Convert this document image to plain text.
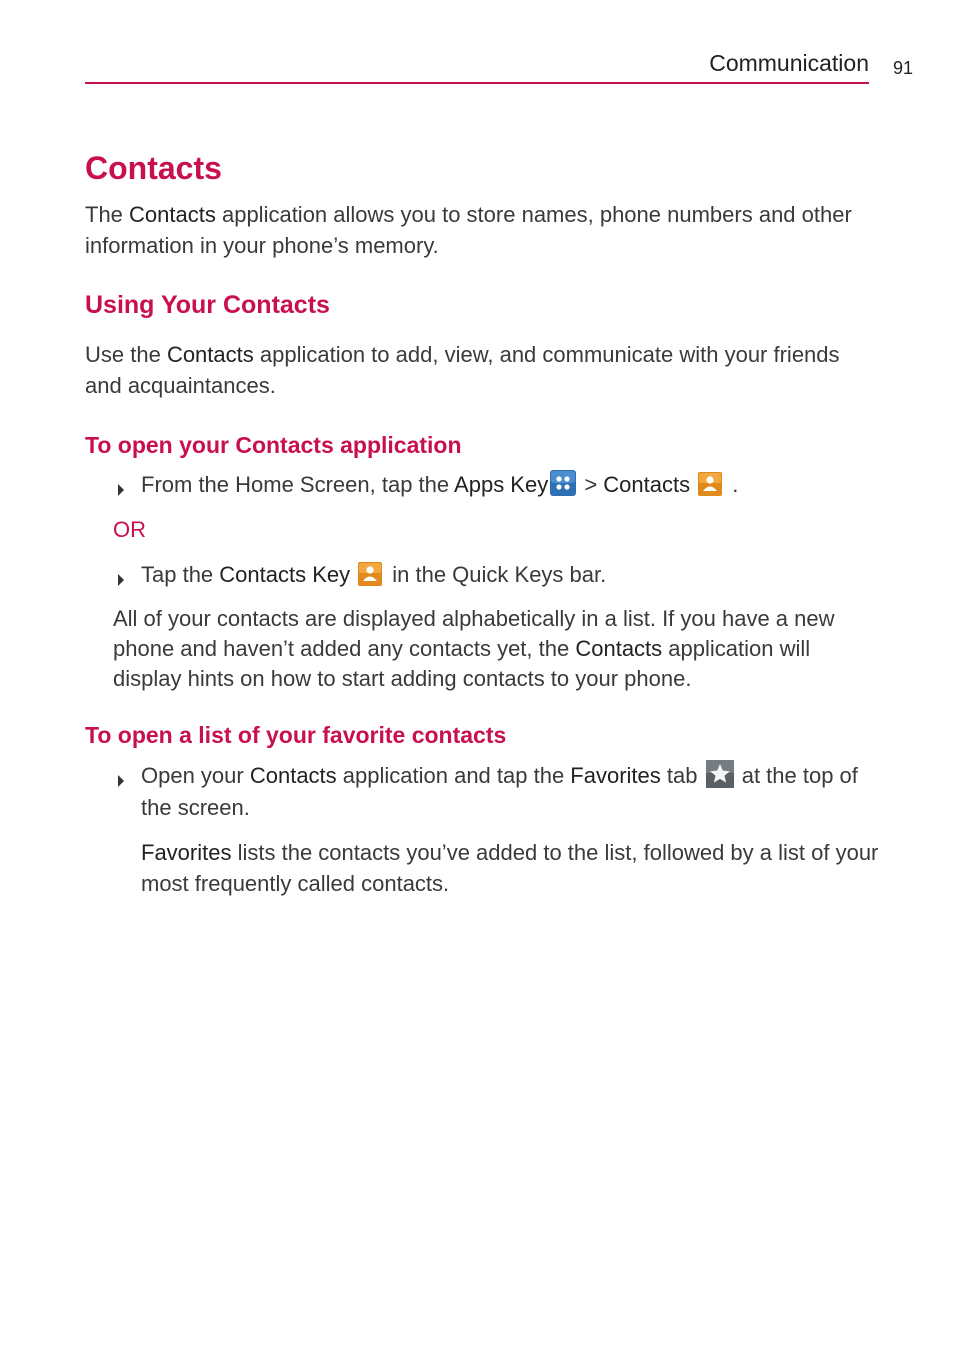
Communication 91
Contacts

The Contacts application allows you to store names, phone numbers and other information in your phone’s memory.

Using Your Contacts

Use the Contacts application to add, view, and communicate with your friends and acquaintances.

To open your Contacts application

From the Home Screen, tap the Apps Key > Contacts .

OR

Tap the Contacts Key in the Quick Keys bar.

All of your contacts are displayed alphabetically in a list. If you have a new phone and haven’t added any contacts yet, the Contacts application will display hints on how to start adding contacts to your phone.

To open a list of your favorite contacts

Open your Contacts application and tap the Favorites tab  at the top of the screen.

Favorites lists the contacts you’ve added to the list, followed by a list of your most frequently called contacts.
